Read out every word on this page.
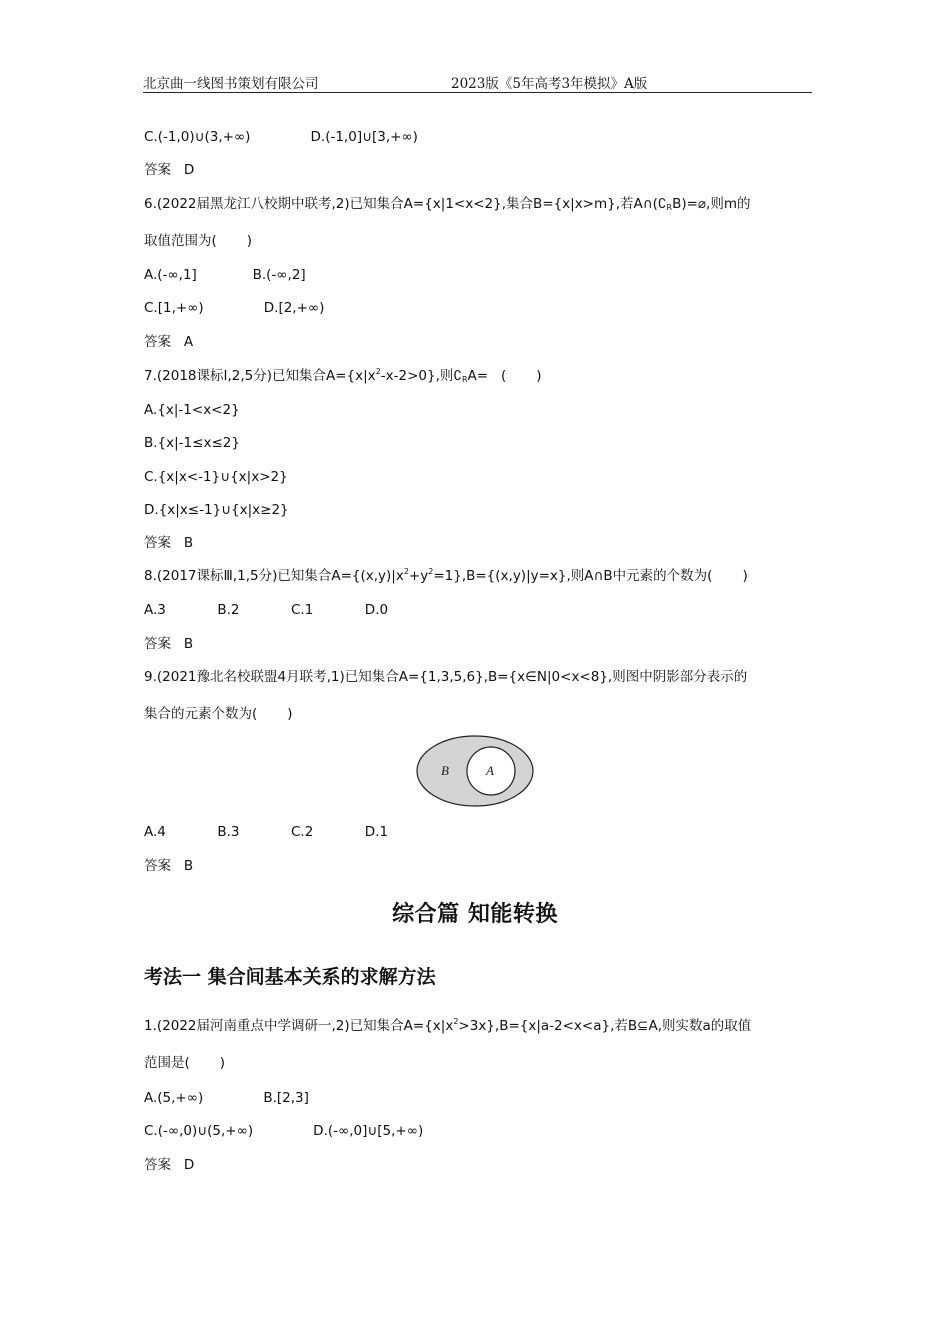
北京曲一线图书策划有限公司	2023版《5年高考3年模拟》A版
C.(-1,0)∪(3,+∞)              D.(-1,0]∪[3,+∞)
答案 D
6.(2022届黑龙江八校期中联考,2)已知集合A={x|1<x<2},集合B={x|x>m},若$A\cap(∁_RB)=⌀$,则m的
取值范围为(       )
A.(-∞,1]             B.(-∞,2]
C.[1,+∞)              D.[2,+∞)
答案 A
7.(2018课标Ⅰ,2,5分)已知集合$A=\{x|x^2-x-2>0\}$,则$∁_RA=$   (       )
A.{x|-1<x<2}
B.{x|-1≤x≤2}
C.{x|x<-1}∪{x|x>2}
D.{x|x≤-1}∪{x|x≥2}
答案 B
8.(2017课标Ⅲ,1,5分)已知集合$A=\{(x,y)|x^2+y^2=1\},B=\{(x,y)|y=x\}$,则A∩B中元素的个数为(       )
A.3            B.2            C.1            D.0
答案 B
9.(2021豫北名校联盟4月联考,1)已知集合A={1,3,5,6},B={x∈N|0<x<8},则图中阴影部分表示的
集合的元素个数为(       )
B	A
A.4            B.3            C.2            D.1
答案 B
综合篇 知能转换
考法一 集合间基本关系的求解方法
1.(2022届河南重点中学调研一,2)已知集合$A=\{x|x^2>3x\},B=\{x|a-2<x<a\}$,若B⊆A,则实数a的取值
范围是(       )
A.(5,+∞)              B.[2,3]
C.(-∞,0)∪(5,+∞)              D.(-∞,0]∪[5,+∞)
答案 D
